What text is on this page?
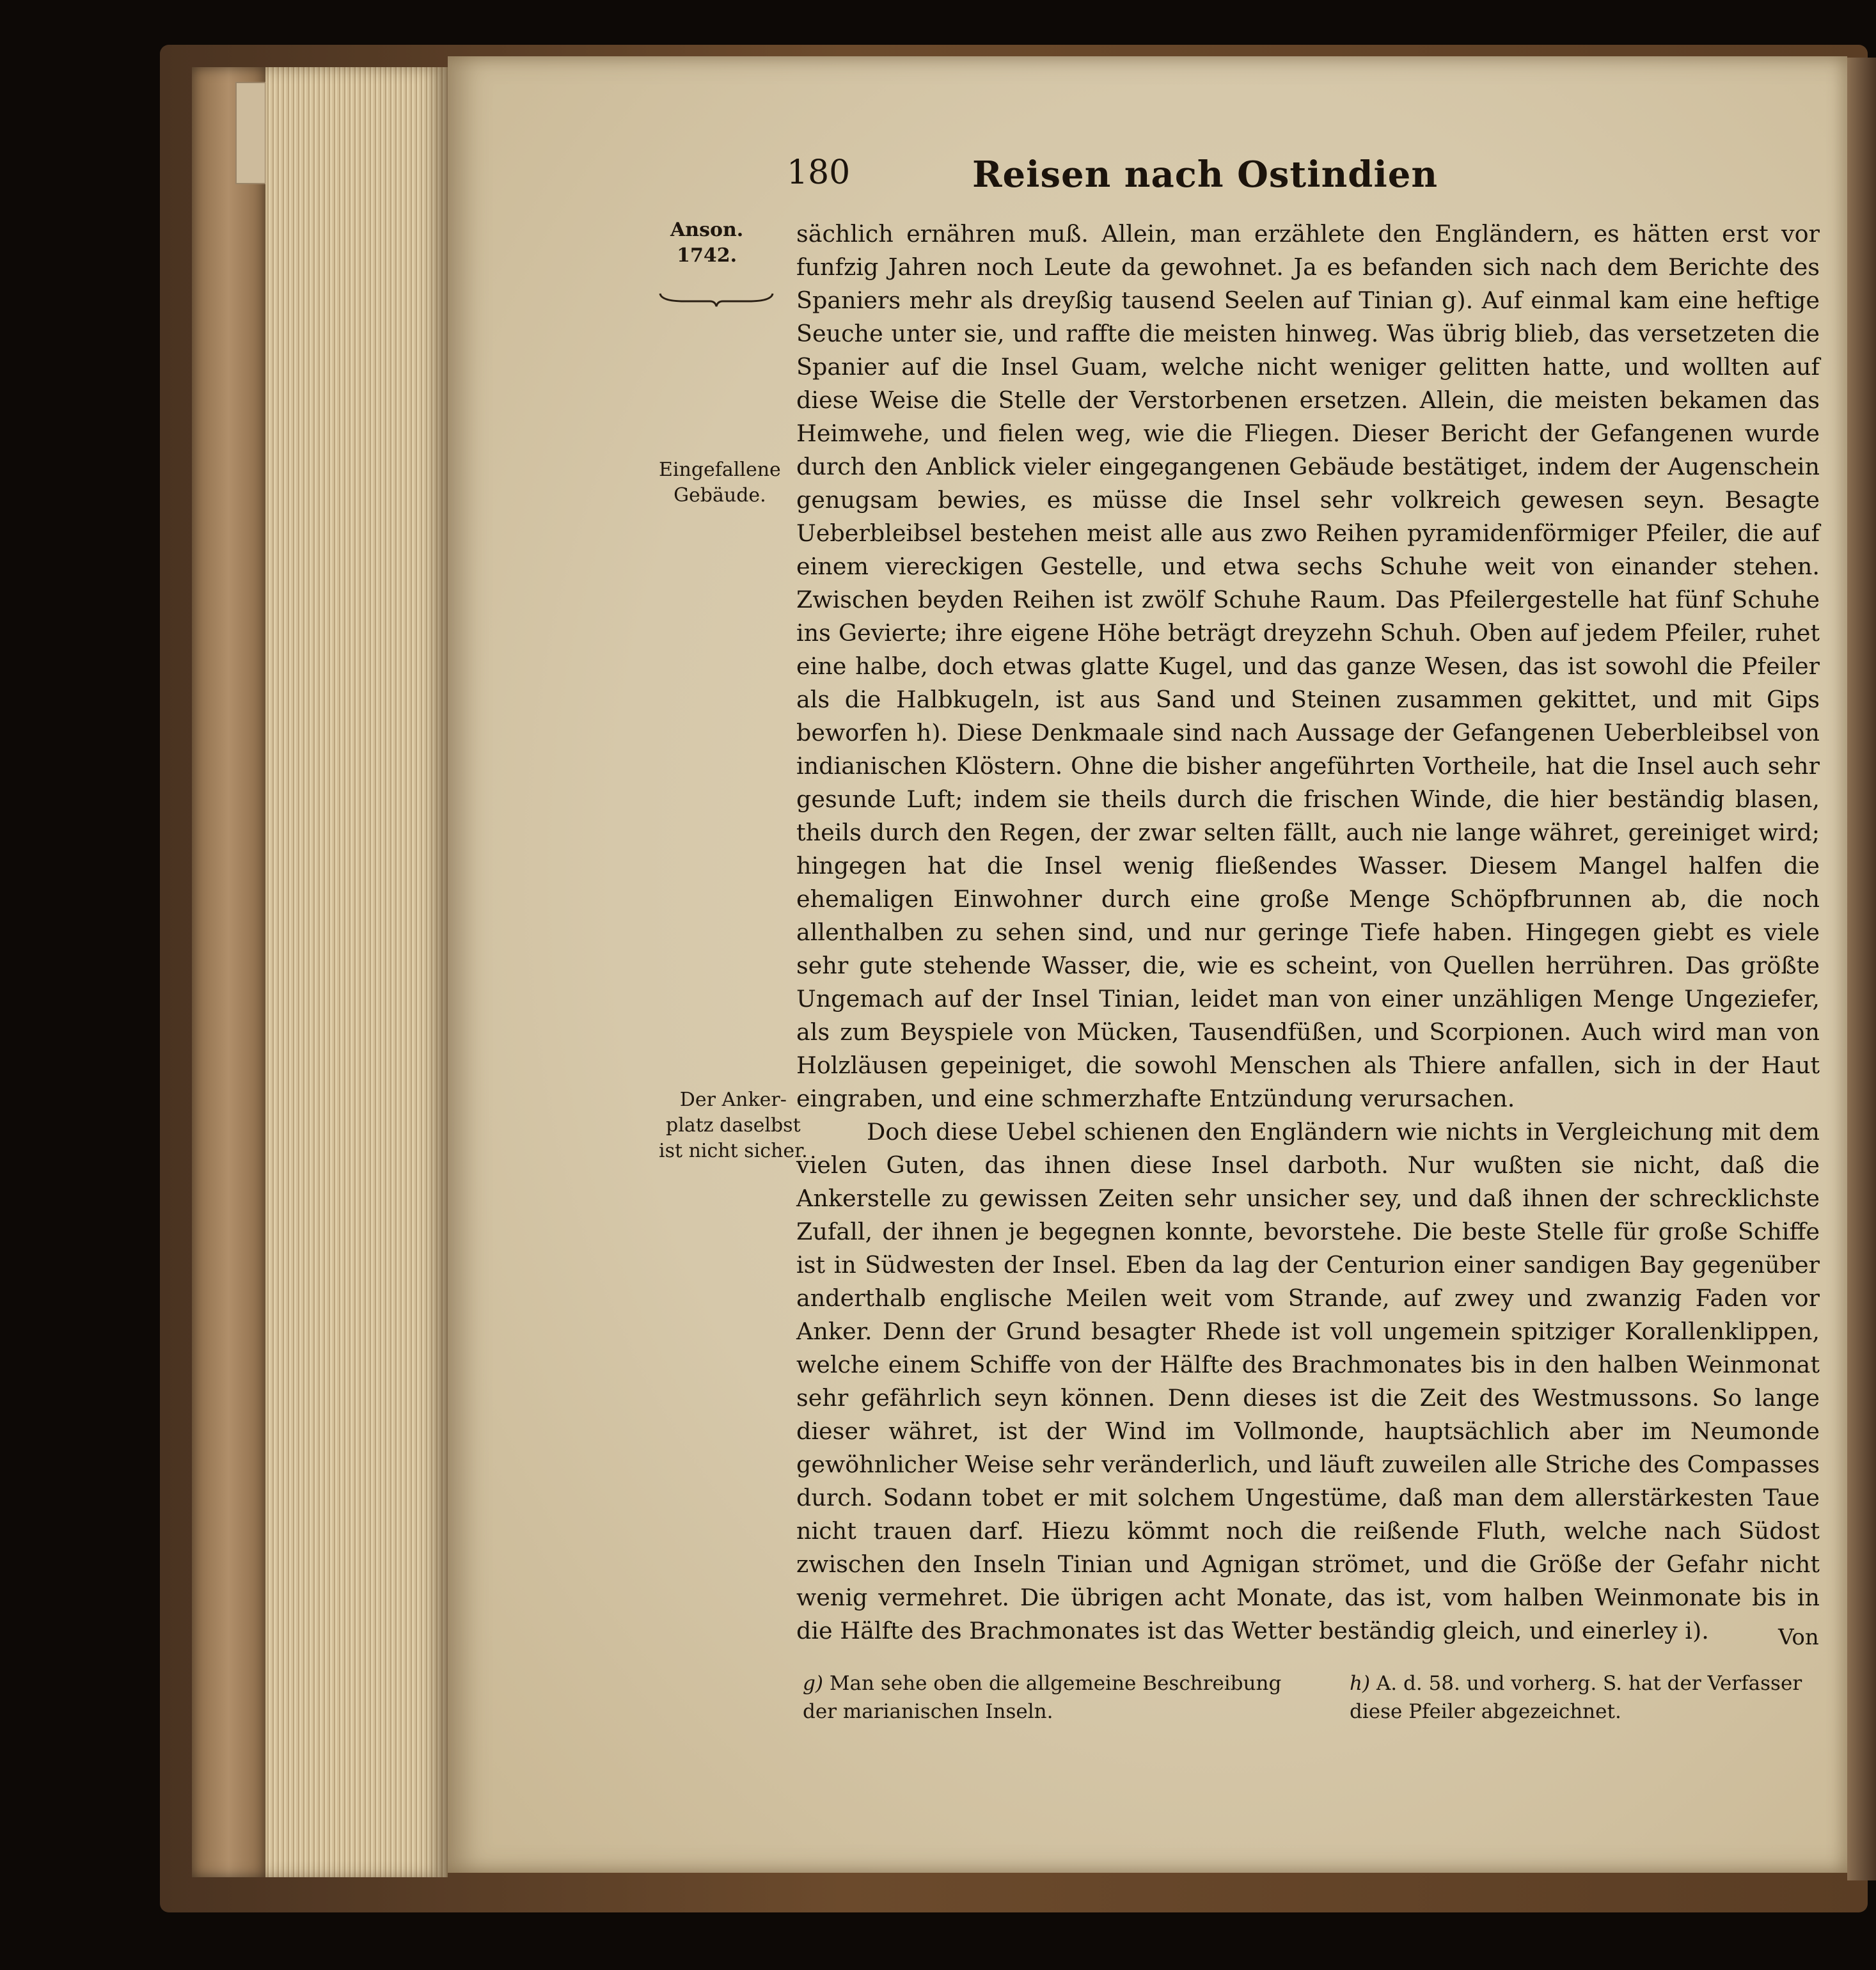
180	Reisen nach Ostindien
Anson.
1742.
Eingefallene
Gebäude.
Der Anker-
platz daselbst
ist nicht sicher.

sächlich ernähren muß. Allein, man erzählete den Engländern, es hätten erst vor funfzig Jahren noch Leute da gewohnet. Ja es befanden sich nach dem Berichte des Spaniers mehr als dreyßig tausend Seelen auf Tinian g). Auf einmal kam eine heftige Seuche unter sie, und raffte die meisten hinweg. Was übrig blieb, das versetzeten die Spanier auf die Insel Guam, welche nicht weniger gelitten hatte, und wollten auf diese Weise die Stelle der Verstorbenen ersetzen. Allein, die meisten bekamen das Heimwehe, und fielen weg, wie die Fliegen. Dieser Bericht der Gefangenen wurde durch den Anblick vieler eingegangenen Gebäude bestätiget, indem der Augenschein genugsam bewies, es müsse die Insel sehr volkreich gewesen seyn. Besagte Ueberbleibsel bestehen meist alle aus zwo Reihen pyramidenförmiger Pfeiler, die auf einem viereckigen Gestelle, und etwa sechs Schuhe weit von einander stehen. Zwischen beyden Reihen ist zwölf Schuhe Raum. Das Pfeilergestelle hat fünf Schuhe ins Gevierte; ihre eigene Höhe beträgt dreyzehn Schuh. Oben auf jedem Pfeiler, ruhet eine halbe, doch etwas glatte Kugel, und das ganze Wesen, das ist sowohl die Pfeiler als die Halbkugeln, ist aus Sand und Steinen zusammen gekittet, und mit Gips beworfen h). Diese Denkmaale sind nach Aussage der Gefangenen Ueberbleibsel von indianischen Klöstern. Ohne die bisher angeführten Vortheile, hat die Insel auch sehr gesunde Luft; indem sie theils durch die frischen Winde, die hier beständig blasen, theils durch den Regen, der zwar selten fällt, auch nie lange währet, gereiniget wird; hingegen hat die Insel wenig fließendes Wasser. Diesem Mangel halfen die ehemaligen Einwohner durch eine große Menge Schöpfbrunnen ab, die noch allenthalben zu sehen sind, und nur geringe Tiefe haben. Hingegen giebt es viele sehr gute stehende Wasser, die, wie es scheint, von Quellen herrühren. Das größte Ungemach auf der Insel Tinian, leidet man von einer unzähligen Menge Ungeziefer, als zum Beyspiele von Mücken, Tausendfüßen, und Scorpionen. Auch wird man von Holzläusen gepeiniget, die sowohl Menschen als Thiere anfallen, sich in der Haut eingraben, und eine schmerzhafte Entzündung verursachen.

Doch diese Uebel schienen den Engländern wie nichts in Vergleichung mit dem vielen Guten, das ihnen diese Insel darboth. Nur wußten sie nicht, daß die Ankerstelle zu gewissen Zeiten sehr unsicher sey, und daß ihnen der schrecklichste Zufall, der ihnen je begegnen konnte, bevorstehe. Die beste Stelle für große Schiffe ist in Südwesten der Insel. Eben da lag der Centurion einer sandigen Bay gegenüber anderthalb englische Meilen weit vom Strande, auf zwey und zwanzig Faden vor Anker. Denn der Grund besagter Rhede ist voll ungemein spitziger Korallenklippen, welche einem Schiffe von der Hälfte des Brachmonates bis in den halben Weinmonat sehr gefährlich seyn können. Denn dieses ist die Zeit des Westmussons. So lange dieser währet, ist der Wind im Vollmonde, hauptsächlich aber im Neumonde gewöhnlicher Weise sehr veränderlich, und läuft zuweilen alle Striche des Compasses durch. Sodann tobet er mit solchem Ungestüme, daß man dem allerstärkesten Taue nicht trauen darf. Hiezu kömmt noch die reißende Fluth, welche nach Südost zwischen den Inseln Tinian und Agnigan strömet, und die Größe der Gefahr nicht wenig vermehret. Die übrigen acht Monate, das ist, vom halben Weinmonate bis in die Hälfte des Brachmonates ist das Wetter beständig gleich, und einerley i).	Von
g) Man sehe oben die allgemeine Beschreibung der marianischen Inseln.
h) A. d. 58. und vorherg. S. hat der Verfasser diese Pfeiler abgezeichnet.
